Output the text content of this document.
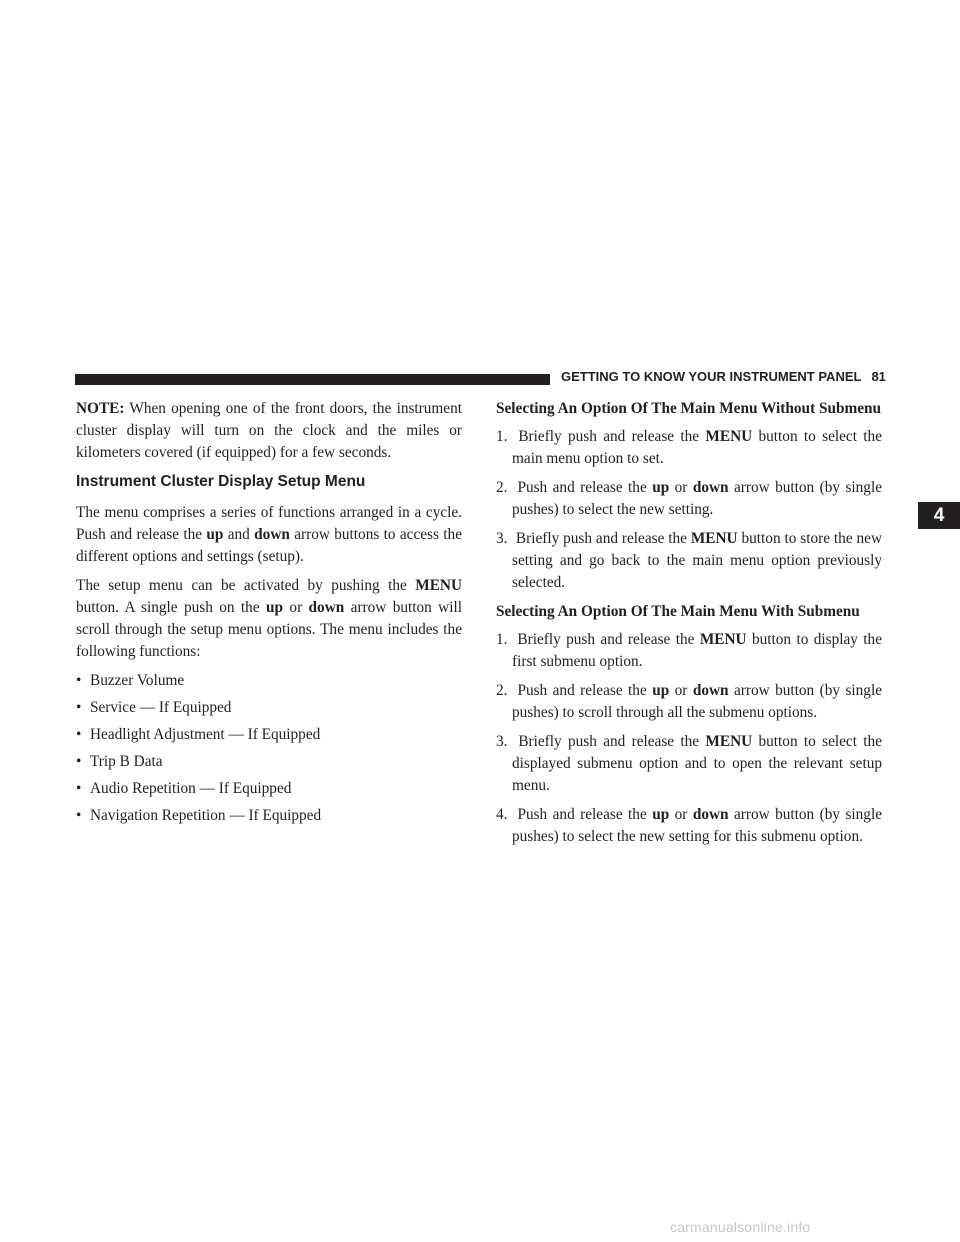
GETTING TO KNOW YOUR INSTRUMENT PANEL 81
4

NOTE: When opening one of the front doors, the instrument cluster display will turn on the clock and the miles or kilometers covered (if equipped) for a few seconds.

Instrument Cluster Display Setup Menu

The menu comprises a series of functions arranged in a cycle. Push and release the up and down arrow buttons to access the different options and settings (setup).

The setup menu can be activated by pushing the MENU button. A single push on the up or down arrow button will scroll through the setup menu options. The menu includes the following functions:

• Buzzer Volume
• Service — If Equipped
• Headlight Adjustment — If Equipped
• Trip B Data
• Audio Repetition — If Equipped
• Navigation Repetition — If Equipped
Selecting An Option Of The Main Menu Without Submenu
1. Briefly push and release the MENU button to select the main menu option to set.
2. Push and release the up or down arrow button (by single pushes) to select the new setting.
3. Briefly push and release the MENU button to store the new setting and go back to the main menu option previously selected.
Selecting An Option Of The Main Menu With Submenu
1. Briefly push and release the MENU button to display the first submenu option.
2. Push and release the up or down arrow button (by single pushes) to scroll through all the submenu options.
3. Briefly push and release the MENU button to select the displayed submenu option and to open the relevant setup menu.
4. Push and release the up or down arrow button (by single pushes) to select the new setting for this submenu option.
carmanualsonline.info
